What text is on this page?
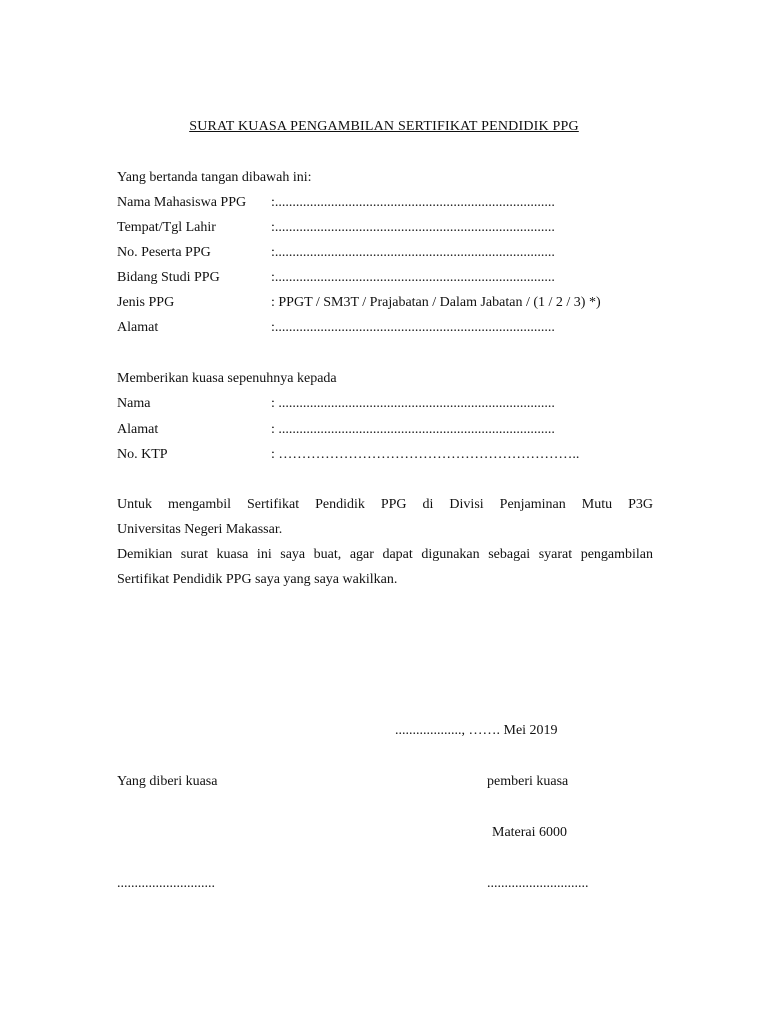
SURAT KUASA PENGAMBILAN SERTIFIKAT PENDIDIK PPG
Yang bertanda tangan dibawah ini:
Nama Mahasiswa PPG :................................................................................
Tempat/Tgl Lahir	:................................................................................
No. Peserta PPG	:................................................................................
Bidang Studi PPG	:................................................................................
Jenis PPG	: PPGT / SM3T / Prajabatan / Dalam Jabatan / (1 / 2 / 3) *)
Alamat	:................................................................................
Memberikan kuasa sepenuhnya kepada
Nama	: ...............................................................................
Alamat	: ...............................................................................
No. KTP	: ………………………………………………………..
Untuk mengambil Sertifikat Pendidik PPG di Divisi Penjaminan Mutu P3G
Universitas Negeri Makassar.
Demikian surat kuasa ini saya buat, agar dapat digunakan sebagai syarat pengambilan
Sertifikat Pendidik PPG saya yang saya wakilkan.
..................., ……. Mei 2019
Yang diberi kuasa	pemberi kuasa
Materai 6000
............................	.............................
